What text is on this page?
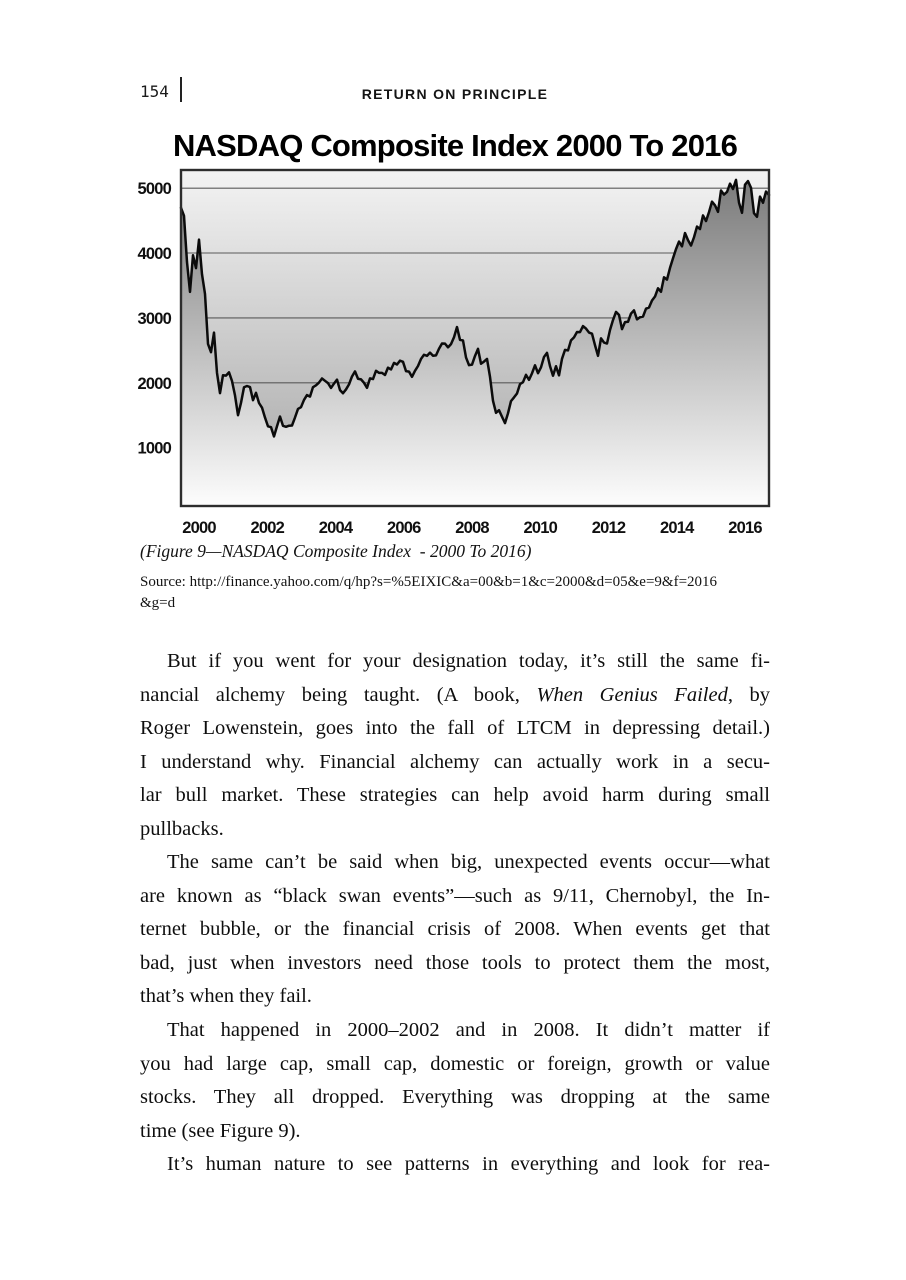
154	RETURN ON PRINCIPLE
NASDAQ Composite Index 2000 To 2016
1000
2000
3000
4000
5000
2000 2002 2004 2006 2008 2010 2012 2014 2016
(Figure 9—NASDAQ Composite Index  - 2000 To 2016)
Source: http://finance.yahoo.com/q/hp?s=%5EIXIC&a=00&b=1&c=2000&d=05&e=9&f=2016
&g=d
But if you went for your designation today, it’s still the same fi-
nancial alchemy being taught. (A book, When Genius Failed, by
Roger Lowenstein, goes into the fall of LTCM in depressing detail.)
I understand why. Financial alchemy can actually work in a secu-
lar bull market. These strategies can help avoid harm during small
pullbacks.
The same can’t be said when big, unexpected events occur—what
are known as “black swan events”—such as 9/11, Chernobyl, the In-
ternet bubble, or the financial crisis of 2008. When events get that
bad, just when investors need those tools to protect them the most,
that’s when they fail.
That happened in 2000–2002 and in 2008. It didn’t matter if
you had large cap, small cap, domestic or foreign, growth or value
stocks. They all dropped. Everything was dropping at the same
time (see Figure 9).
It’s human nature to see patterns in everything and look for rea-
